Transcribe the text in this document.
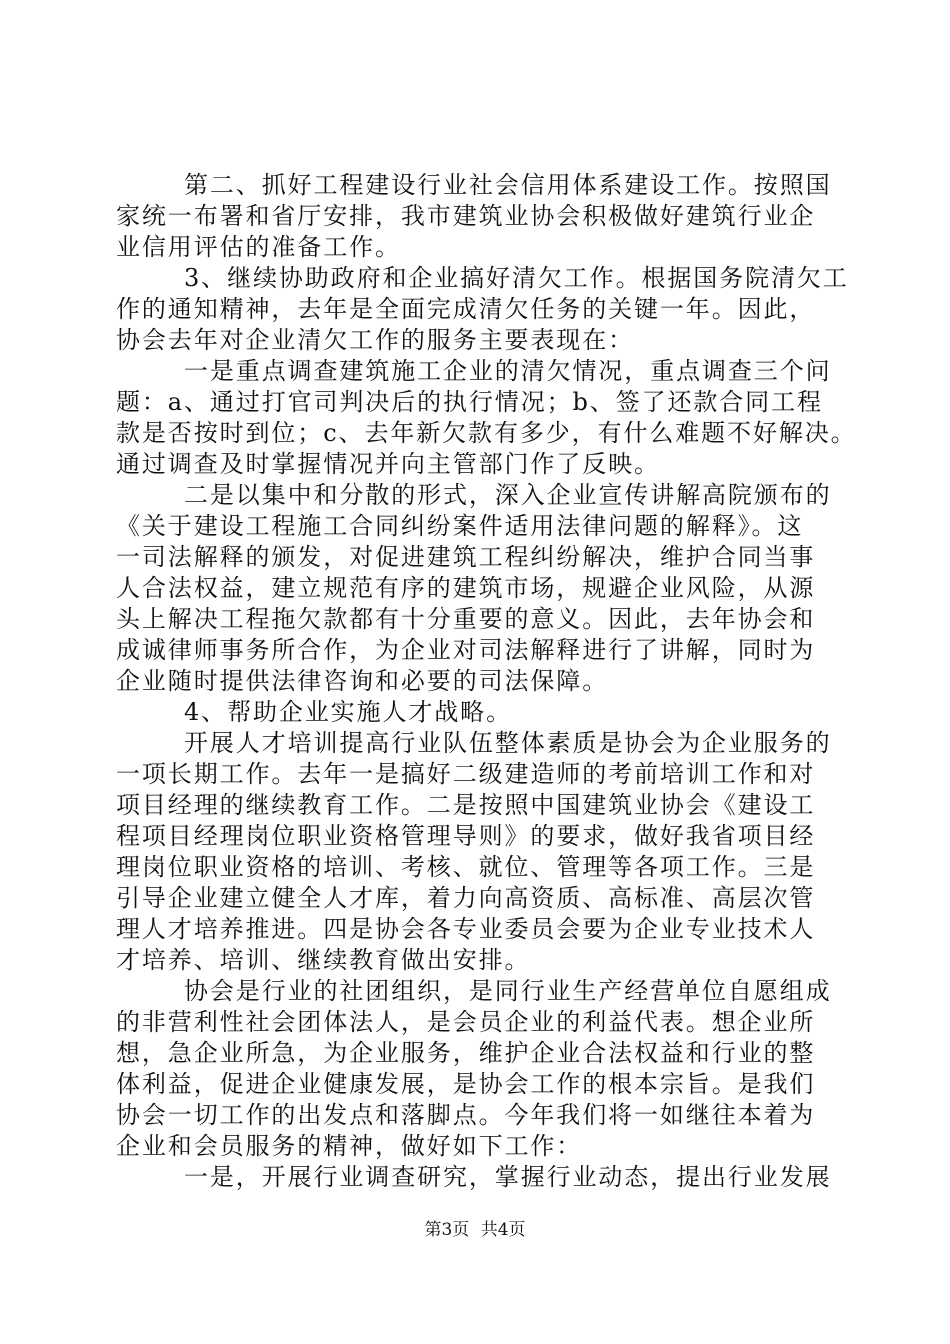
第二、抓好工程建设行业社会信用体系建设工作。按照国
家统一布署和省厅安排，我市建筑业协会积极做好建筑行业企
业信用评估的准备工作。
3、继续协助政府和企业搞好清欠工作。根据国务院清欠工
作的通知精神，去年是全面完成清欠任务的关键一年。因此，
协会去年对企业清欠工作的服务主要表现在：
一是重点调查建筑施工企业的清欠情况，重点调查三个问
题：a、通过打官司判决后的执行情况；b、签了还款合同工程
款是否按时到位；c、去年新欠款有多少，有什么难题不好解决。
通过调查及时掌握情况并向主管部门作了反映。
二是以集中和分散的形式，深入企业宣传讲解高院颁布的
《关于建设工程施工合同纠纷案件适用法律问题的解释》。这
一司法解释的颁发，对促进建筑工程纠纷解决，维护合同当事
人合法权益，建立规范有序的建筑市场，规避企业风险，从源
头上解决工程拖欠款都有十分重要的意义。因此，去年协会和
成诚律师事务所合作，为企业对司法解释进行了讲解，同时为
企业随时提供法律咨询和必要的司法保障。
4、帮助企业实施人才战略。
开展人才培训提高行业队伍整体素质是协会为企业服务的
一项长期工作。去年一是搞好二级建造师的考前培训工作和对
项目经理的继续教育工作。二是按照中国建筑业协会《建设工
程项目经理岗位职业资格管理导则》的要求，做好我省项目经
理岗位职业资格的培训、考核、就位、管理等各项工作。三是
引导企业建立健全人才库，着力向高资质、高标准、高层次管
理人才培养推进。四是协会各专业委员会要为企业专业技术人
才培养、培训、继续教育做出安排。
协会是行业的社团组织，是同行业生产经营单位自愿组成
的非营利性社会团体法人，是会员企业的利益代表。想企业所
想，急企业所急，为企业服务，维护企业合法权益和行业的整
体利益，促进企业健康发展，是协会工作的根本宗旨。是我们
协会一切工作的出发点和落脚点。今年我们将一如继往本着为
企业和会员服务的精神，做好如下工作：
一是，开展行业调查研究，掌握行业动态，提出行业发展
第3页 共4页
